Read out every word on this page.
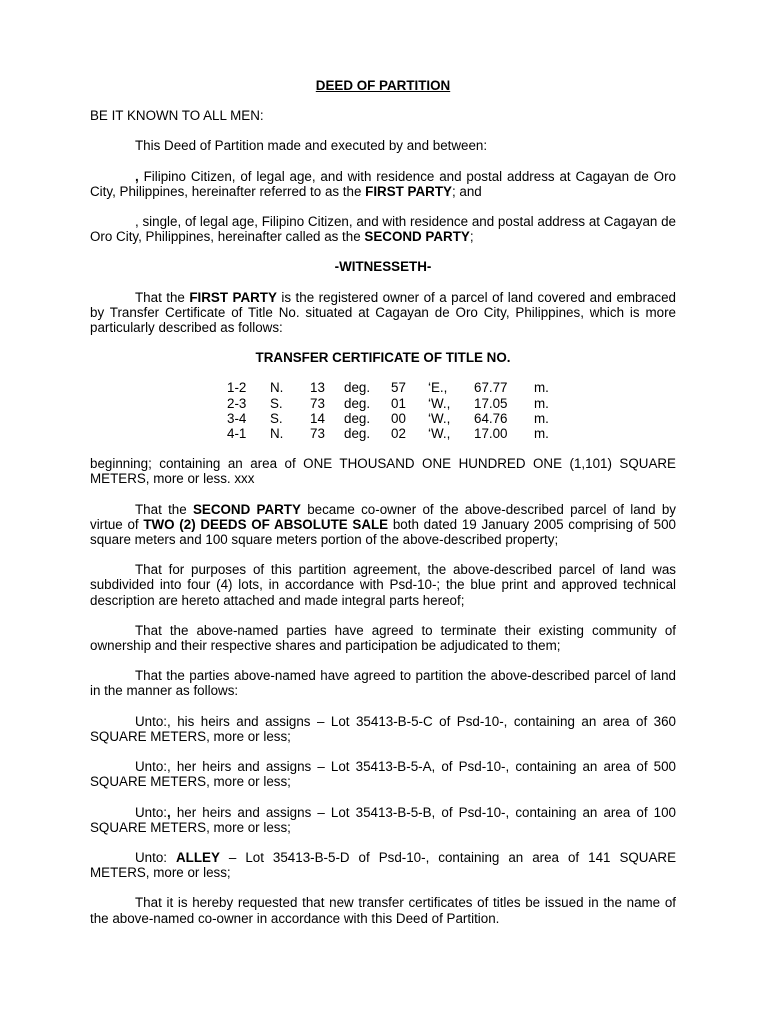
DEED OF PARTITION
BE IT KNOWN TO ALL MEN:
This Deed of Partition made and executed by and between:
, Filipino Citizen, of legal age, and with residence and postal address at Cagayan de Oro City, Philippines, hereinafter referred to as the FIRST PARTY; and
, single, of legal age, Filipino Citizen, and with residence and postal address at Cagayan de Oro City, Philippines, hereinafter called as the SECOND PARTY;
-WITNESSETH-
That the FIRST PARTY is the registered owner of a parcel of land covered and embraced by Transfer Certificate of Title No. situated at Cagayan de Oro City, Philippines, which is more particularly described as follows:
TRANSFER CERTIFICATE OF TITLE NO.
1-2	N.	13	deg.	57	‘E.,	67.77	m.
2-3	S.	73	deg.	01	‘W.,	17.05	m.
3-4	S.	14	deg.	00	‘W.,	64.76	m.
4-1	N.	73	deg.	02	‘W.,	17.00	m.
beginning; containing an area of ONE THOUSAND ONE HUNDRED ONE (1,101) SQUARE METERS, more or less. xxx
That the SECOND PARTY became co-owner of the above-described parcel of land by virtue of TWO (2) DEEDS OF ABSOLUTE SALE both dated 19 January 2005 comprising of 500 square meters and 100 square meters portion of the above-described property;
That for purposes of this partition agreement, the above-described parcel of land was subdivided into four (4) lots, in accordance with Psd-10-; the blue print and approved technical description are hereto attached and made integral parts hereof;
That the above-named parties have agreed to terminate their existing community of ownership and their respective shares and participation be adjudicated to them;
That the parties above-named have agreed to partition the above-described parcel of land in the manner as follows:
Unto:, his heirs and assigns – Lot 35413-B-5-C of Psd-10-, containing an area of 360 SQUARE METERS, more or less;
Unto:, her heirs and assigns – Lot 35413-B-5-A, of Psd-10-, containing an area of 500 SQUARE METERS, more or less;
Unto:, her heirs and assigns – Lot 35413-B-5-B, of Psd-10-, containing an area of 100 SQUARE METERS, more or less;
Unto: ALLEY – Lot 35413-B-5-D of Psd-10-, containing an area of 141 SQUARE METERS, more or less;
That it is hereby requested that new transfer certificates of titles be issued in the name of the above-named co-owner in accordance with this Deed of Partition.
